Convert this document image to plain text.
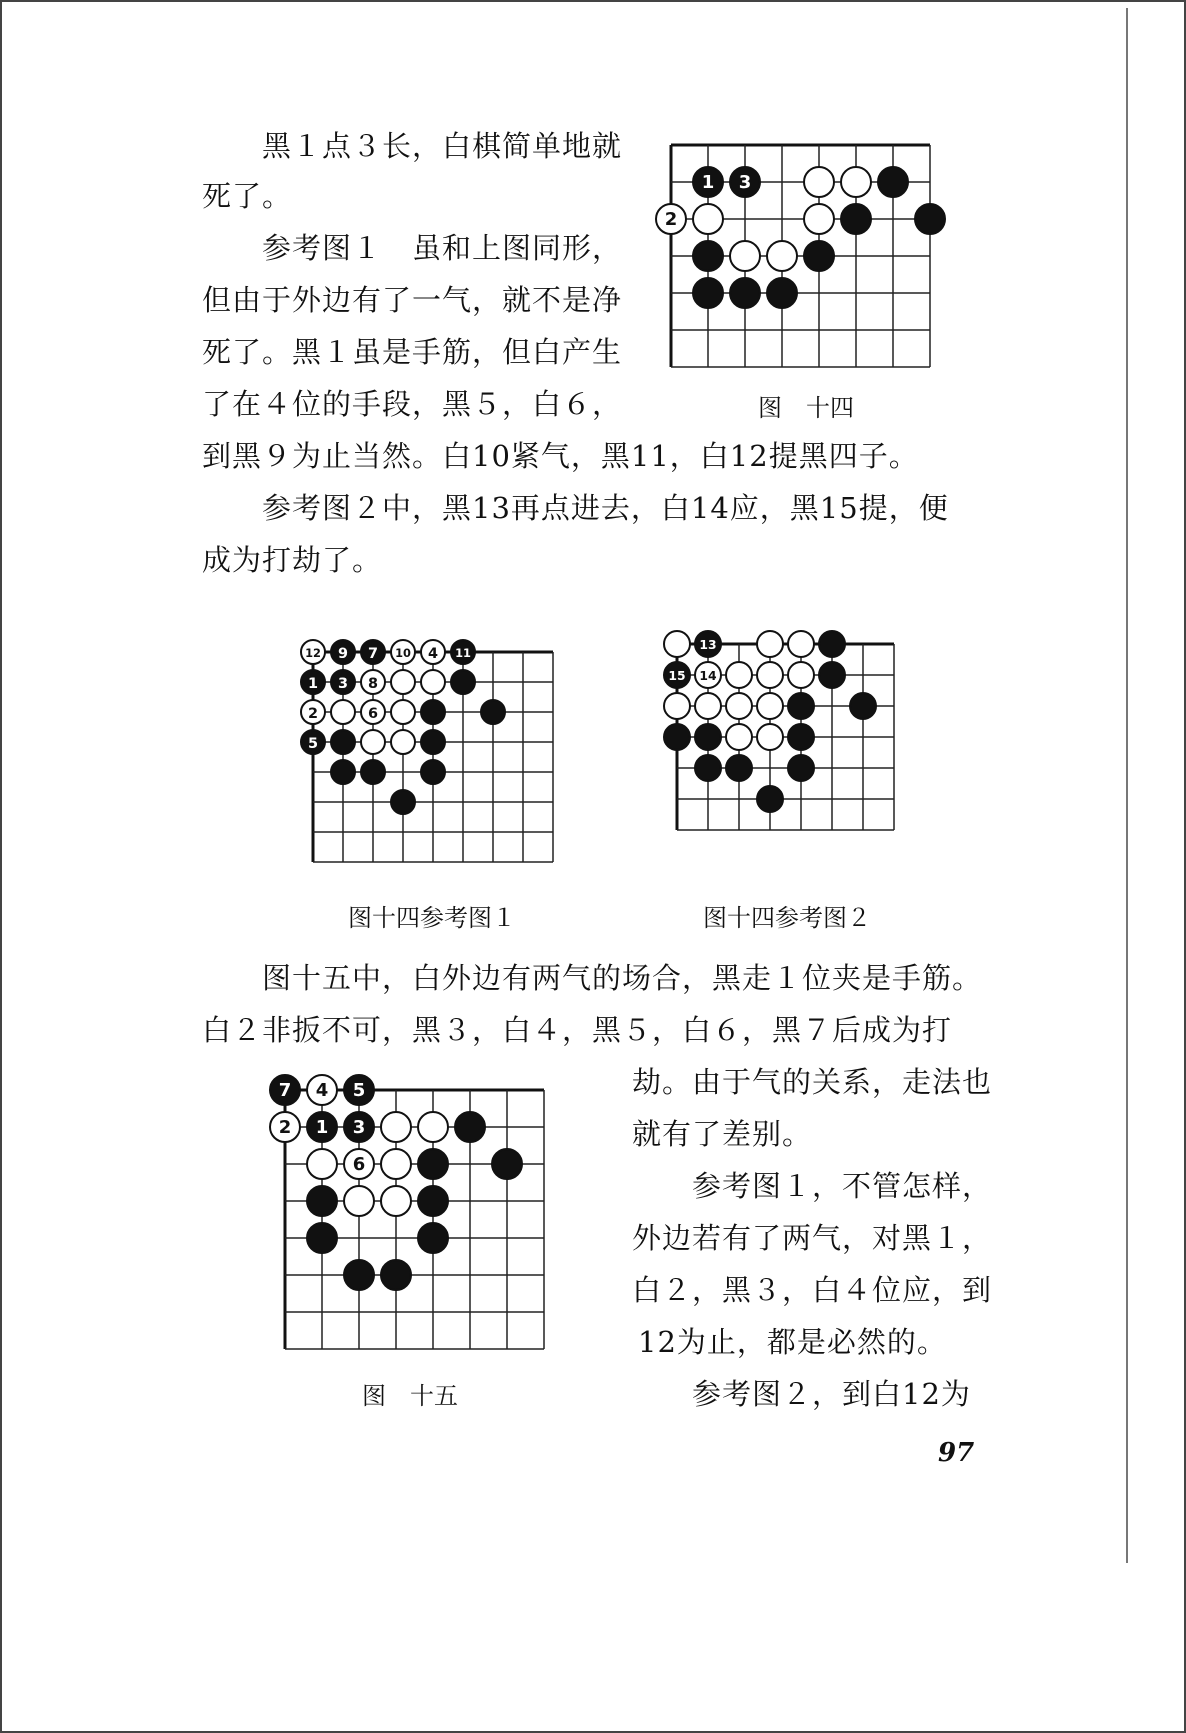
黑１点３长，白棋简单地就
死了。
参考图１　虽和上图同形，
但由于外边有了一气，就不是净
死了。黑１虽是手筋，但白产生
了在４位的手段，黑５，白６，
到黑９为止当然。白10紧气，黑11，白12提黑四子。
参考图２中，黑13再点进去，白14应，黑15提，便
成为打劫了。
1 3
2
图　十四
12 9 7 10 4 11
1 3 8
2	6
5
13
15 14
图十四参考图１	图十四参考图２
图十五中，白外边有两气的场合，黑走１位夹是手筋。
白２非扳不可，黑３，白４，黑５，白６，黑７后成为打
劫。由于气的关系，走法也
就有了差别。
参考图１，不管怎样，
外边若有了两气，对黑１，
白２，黑３，白４位应，到
12为止，都是必然的。
参考图２，到白12为
7 4 5
2 1 3
6
图　十五
97
